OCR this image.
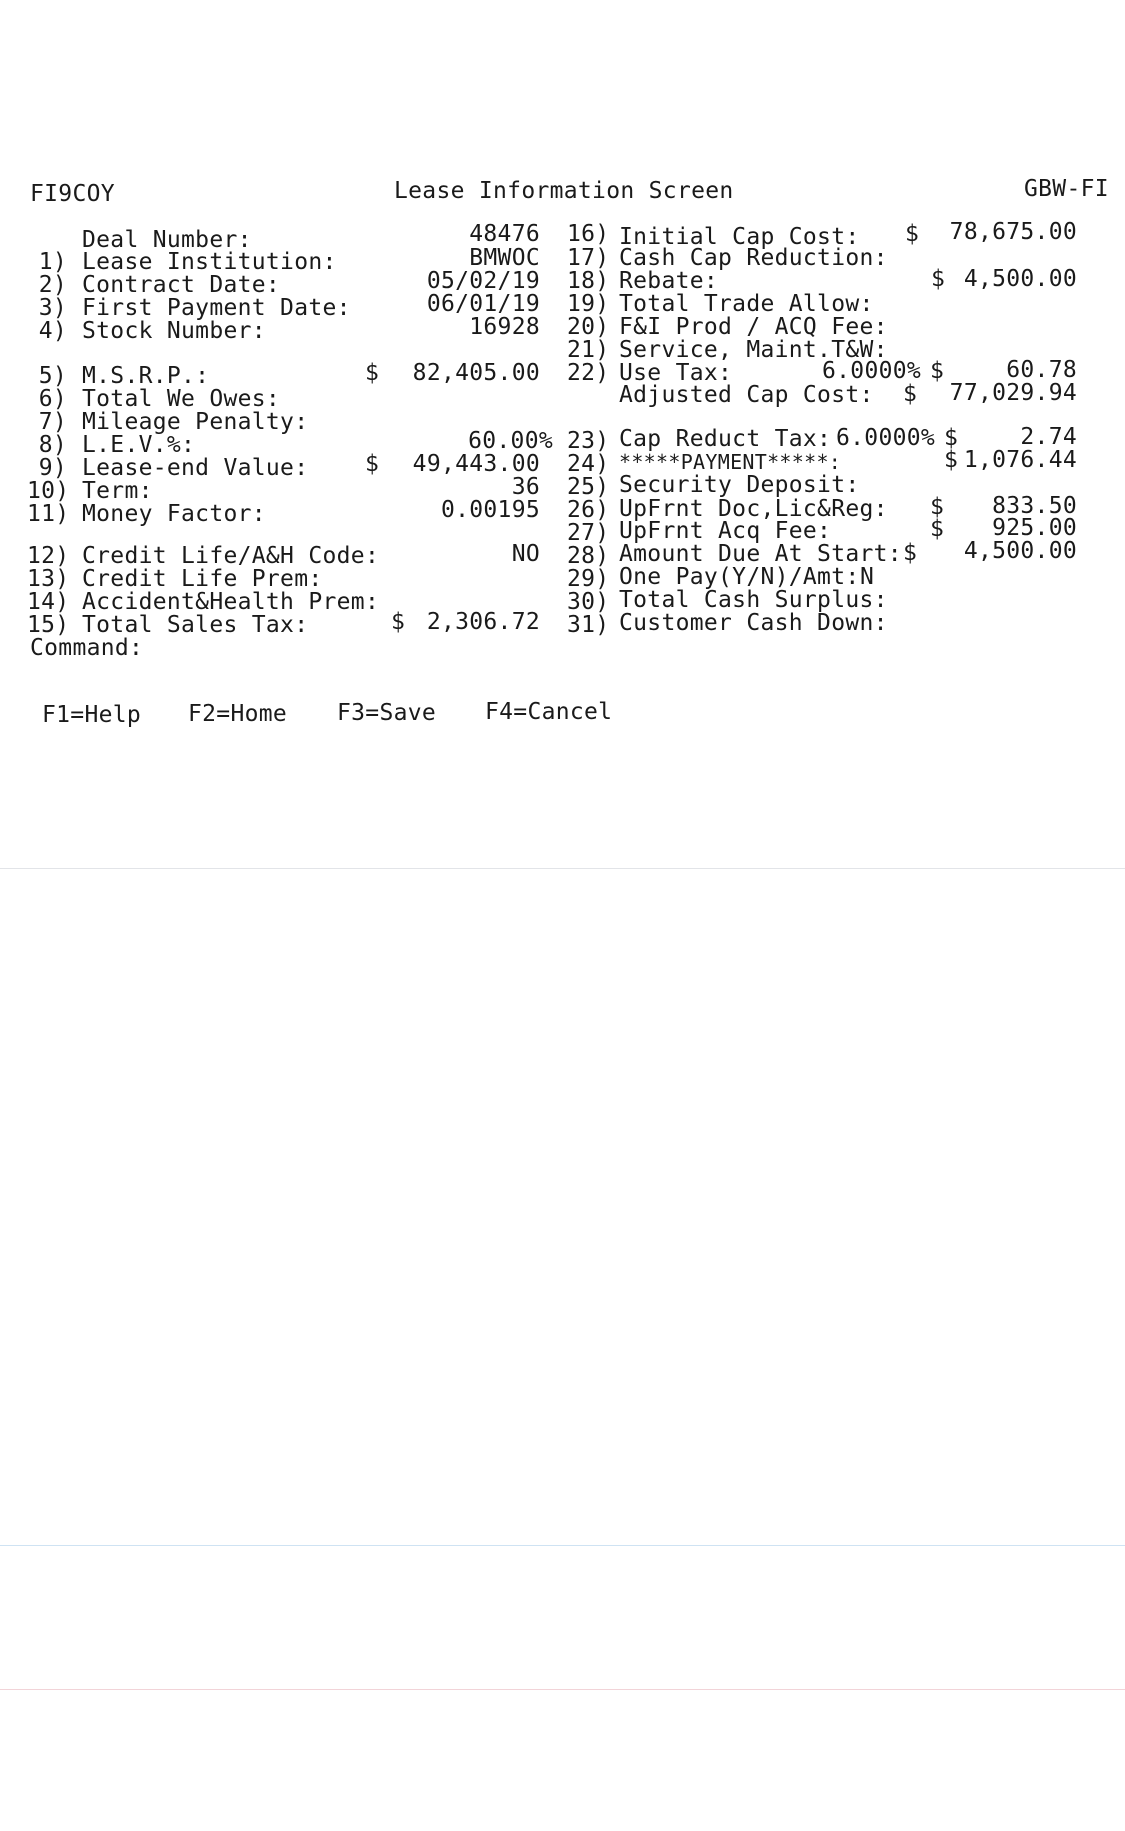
FI9COY	Lease Information Screen	GBW-FI
Deal Number:	48476
1) Lease Institution:	BMWOC
2) Contract Date:	05/02/19
3) First Payment Date:	06/01/19
4) Stock Number:	16928
5) M.S.R.P.:	$ 82,405.00
6) Total We Owes:
7) Mileage Penalty:
8) L.E.V.%:	60.00%
9) Lease-end Value: $ 49,443.00
10) Term:	36
11) Money Factor:	0.00195
12) Credit Life/A&H Code:	NO
13) Credit Life Prem:
14) Accident&Health Prem:
15) Total Sales Tax:	$ 2,306.72
Command:
16) Initial Cap Cost: $ 78,675.00
17) Cash Cap Reduction:
18) Rebate:	$ 4,500.00
19) Total Trade Allow:
20) F&I Prod / ACQ Fee:
21) Service, Maint.T&W:
22) Use Tax:	6.0000% $	60.78
Adjusted Cap Cost: $ 77,029.94
23) Cap Reduct Tax: 6.0000% $	2.74
24) *****PAYMENT*****:	$ 1,076.44
25) Security Deposit:
26) UpFrnt Doc,Lic&Reg: $ 833.50
27) UpFrnt Acq Fee:	$ 925.00
28) Amount Due At Start: $ 4,500.00
29) One Pay(Y/N)/Amt: N
30) Total Cash Surplus:
31) Customer Cash Down:
F1=Help F2=Home F3=Save F4=Cancel
